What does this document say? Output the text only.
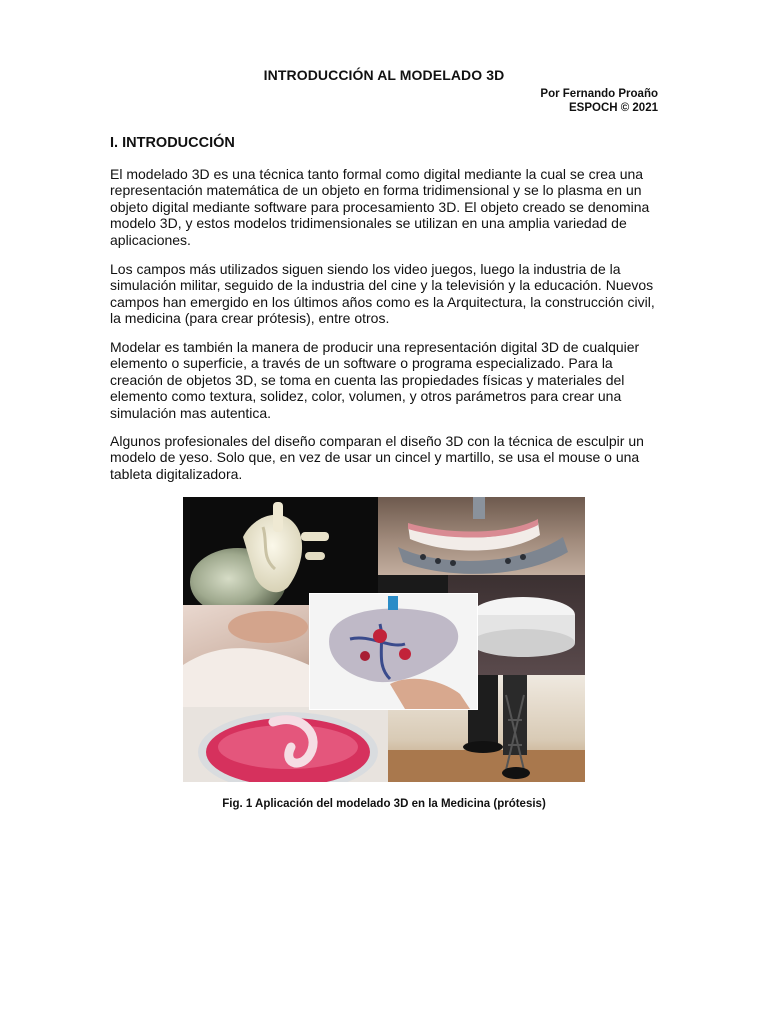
INTRODUCCIÓN AL MODELADO 3D
Por Fernando Proaño
ESPOCH © 2021
I. INTRODUCCIÓN

El modelado 3D es una técnica tanto formal como digital mediante la cual se crea una representación matemática de un objeto en forma tridimensional y se lo plasma en un objeto digital mediante software para procesamiento 3D. El objeto creado se denomina modelo 3D, y estos modelos tridimensionales se utilizan en una amplia variedad de aplicaciones.

Los campos más utilizados siguen siendo los video juegos, luego la industria de la simulación militar, seguido de la industria del cine y la televisión y la educación. Nuevos campos han emergido en los últimos años como es la Arquitectura, la construcción civil, la medicina (para crear prótesis), entre otros.

Modelar es también la manera de producir una representación digital 3D de cualquier elemento o superficie, a través de un software o programa especializado. Para la creación de objetos 3D, se toma en cuenta las propiedades físicas y materiales del elemento como textura, solidez, color, volumen, y otros parámetros para crear una simulación mas autentica.

Algunos profesionales del diseño comparan el diseño 3D con la técnica de esculpir un modelo de yeso. Solo que, en vez de usar un cincel y martillo, se usa el mouse o una tableta digitalizadora.

Fig. 1 Aplicación del modelado 3D en la Medicina (prótesis)
